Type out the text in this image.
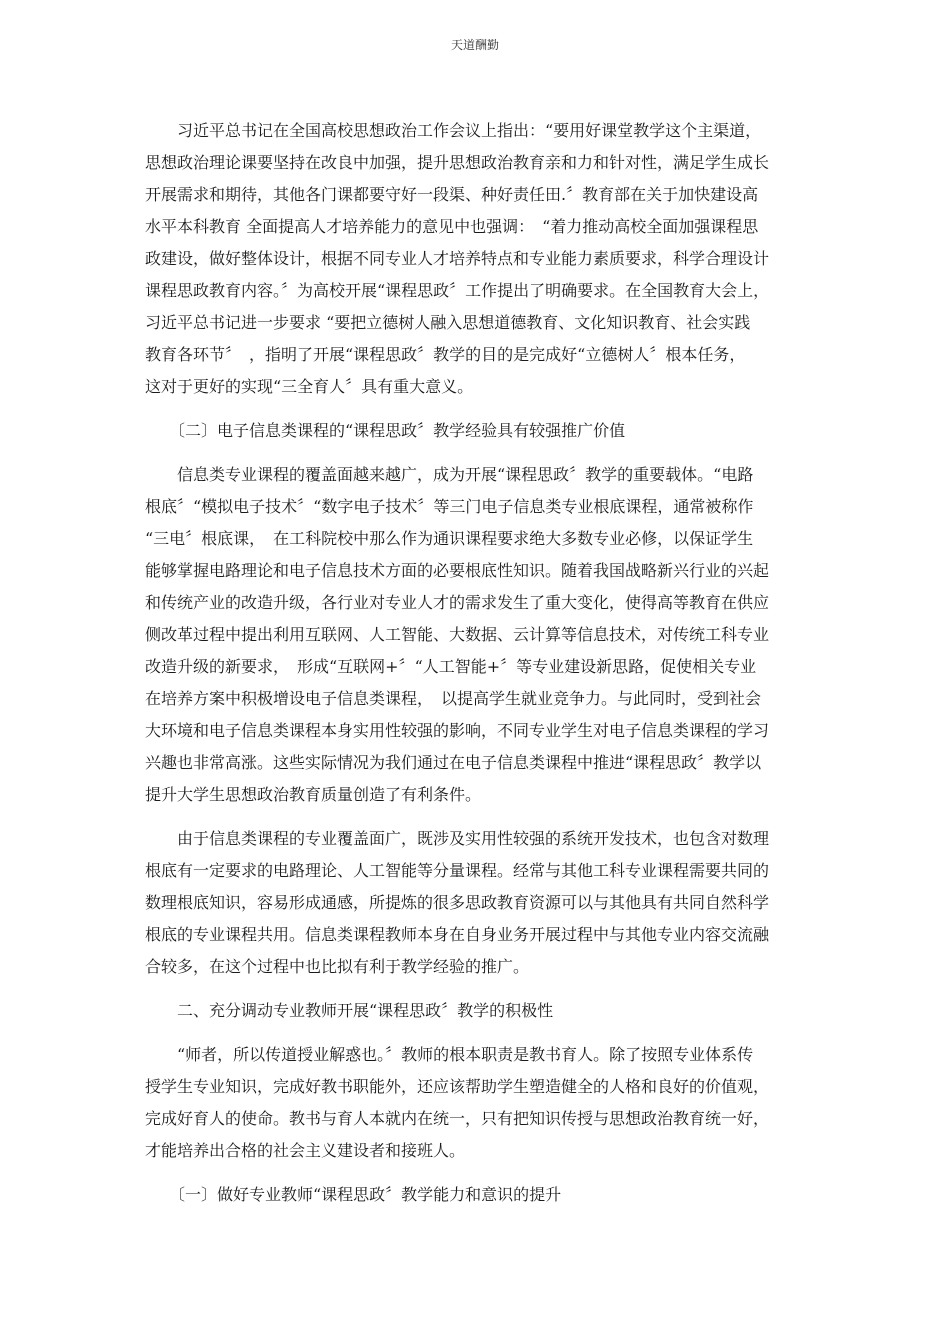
天道酬勤
　　习近平总书记在全国高校思想政治工作会议上指出：“要用好课堂教学这个主渠道，
思想政治理论课要坚持在改良中加强，提升思想政治教育亲和力和针对性，满足学生成长
开展需求和期待，其他各门课都要守好一段渠、种好责任田.〞教育部在关于加快建设高
水平本科教育 全面提高人才培养能力的意见中也强调：　“着力推动高校全面加强课程思
政建设，做好整体设计，根据不同专业人才培养特点和专业能力素质要求，科学合理设计
课程思政教育内容。〞为高校开展“课程思政〞工作提出了明确要求。在全国教育大会上，
习近平总书记进一步要求 “要把立德树人融入思想道德教育、文化知识教育、社会实践
教育各环节〞　，指明了开展“课程思政〞教学的目的是完成好“立德树人〞根本任务，
这对于更好的实现“三全育人〞具有重大意义。
　　〔二〕电子信息类课程的“课程思政〞教学经验具有较强推广价值
　　信息类专业课程的覆盖面越来越广，成为开展“课程思政〞教学的重要载体。“电路
根底〞“模拟电子技术〞“数字电子技术〞等三门电子信息类专业根底课程，通常被称作
“三电〞根底课，　在工科院校中那么作为通识课程要求绝大多数专业必修，以保证学生
能够掌握电路理论和电子信息技术方面的必要根底性知识。随着我国战略新兴行业的兴起
和传统产业的改造升级，各行业对专业人才的需求发生了重大变化，使得高等教育在供应
侧改革过程中提出利用互联网、人工智能、大数据、云计算等信息技术，对传统工科专业
改造升级的新要求，　形成“互联网+〞“人工智能+〞等专业建设新思路，促使相关专业
在培养方案中积极增设电子信息类课程，　以提高学生就业竞争力。与此同时，受到社会
大环境和电子信息类课程本身实用性较强的影响，不同专业学生对电子信息类课程的学习
兴趣也非常高涨。这些实际情况为我们通过在电子信息类课程中推进“课程思政〞教学以
提升大学生思想政治教育质量创造了有利条件。
　　由于信息类课程的专业覆盖面广，既涉及实用性较强的系统开发技术，也包含对数理
根底有一定要求的电路理论、人工智能等分量课程。经常与其他工科专业课程需要共同的
数理根底知识，容易形成通感，所提炼的很多思政教育资源可以与其他具有共同自然科学
根底的专业课程共用。信息类课程教师本身在自身业务开展过程中与其他专业内容交流融
合较多，在这个过程中也比拟有利于教学经验的推广。
　　二、充分调动专业教师开展“课程思政〞教学的积极性
　　“师者，所以传道授业解惑也。〞教师的根本职责是教书育人。除了按照专业体系传
授学生专业知识，完成好教书职能外，还应该帮助学生塑造健全的人格和良好的价值观，
完成好育人的使命。教书与育人本就内在统一，只有把知识传授与思想政治教育统一好，
才能培养出合格的社会主义建设者和接班人。
　　〔一〕做好专业教师“课程思政〞教学能力和意识的提升
